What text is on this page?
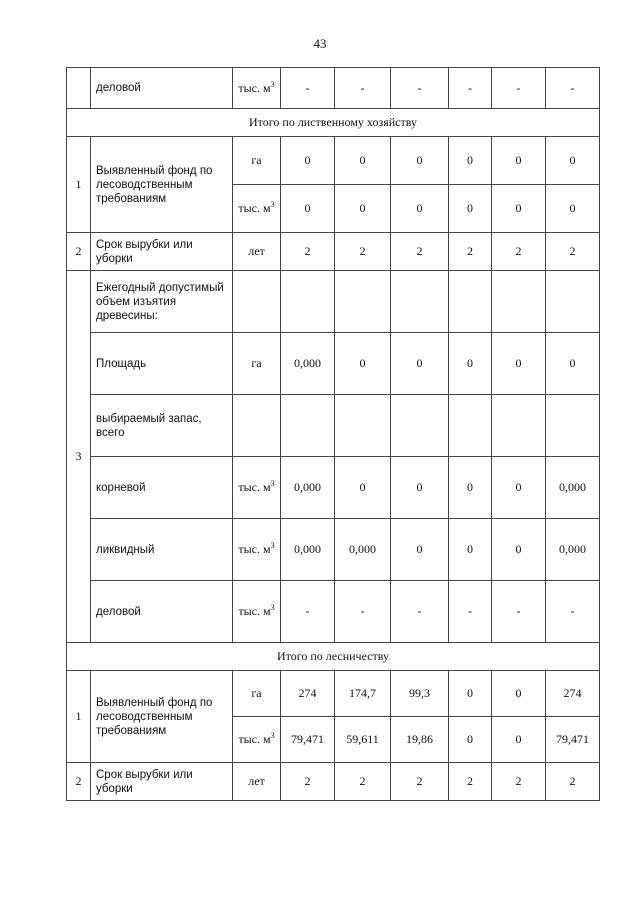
43
	деловой	тыс. $м^3$	-	-	-	-	-	-
Итого по лиственному хозяйству								
1	Выявленный фонд по лесоводственным требованиям	га	0	0	0	0	0	0
		тыс. $м^3$	0	0	0	0	0	0
2	Срок вырубки или уборки	лет	2	2	2	2	2	2
3	Ежегодный допустимый объем изъятия древесины:							
	Площадь	га	0,000	0	0	0	0	0
	выбираемый запас, всего							
	корневой	тыс. $м^3$	0,000	0	0	0	0	0,000
	ликвидный	тыс. $м^3$	0,000	0,000	0	0	0	0,000
	деловой	тыс. $м^3$	-	-	-	-	-	-
Итого по лесничеству								
1	Выявленный фонд по лесоводственным требованиям	га	274	174,7	99,3	0	0	274
		тыс. $м^3$	79,471	59,611	19,86	0	0	79,471
2	Срок вырубки или уборки	лет	2	2	2	2	2	2
